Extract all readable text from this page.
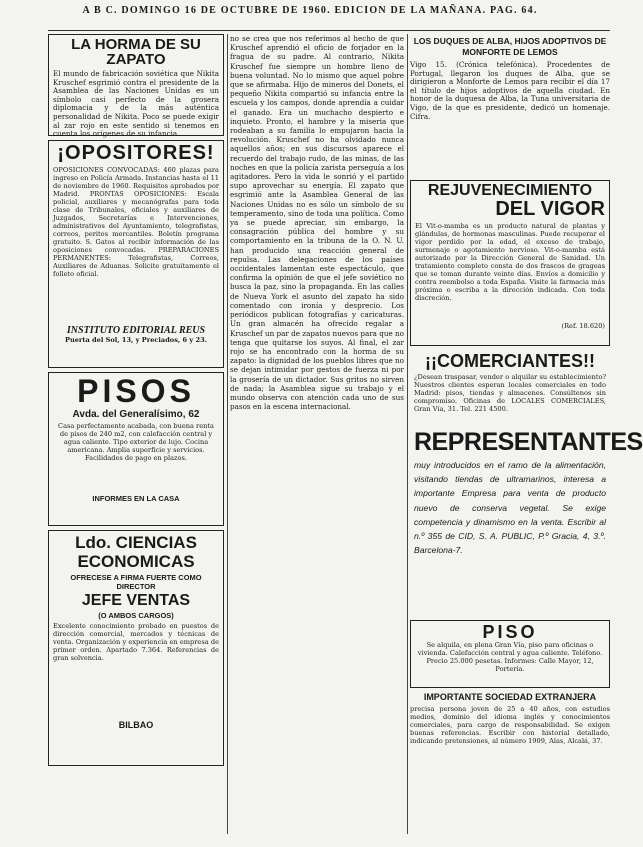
A B C. DOMINGO 16 DE OCTUBRE DE 1960. EDICION DE LA MAÑANA. PAG. 64.
LA HORMA DE SU ZAPATO

El mundo de fabricación soviética que Nikita Kruschef esgrimió contra el presidente de la Asamblea de las Naciones Unidas es un símbolo casi perfecto de la grosera diplomacia y de la más auténtica personalidad de Nikita. Poco se puede exigir al zar rojo en este sentido si tenemos en cuenta los orígenes de su infancia.

¡OPOSITORES!

OPOSICIONES CONVOCADAS: 460 plazas para ingreso en Policía Armada. Instancias hasta el 11 de noviembre de 1960. Requisitos aprobados por Madrid. PRONTAS OPOSICIONES: Escala policial, auxiliares y mecanógrafas para toda clase de Tribunales, oficiales y auxiliares de Juzgados, Secretarías e Intervenciones, administrativos del Ayuntamiento, telegrafistas, correos, peritos mercantiles. Boletín programa gratuito. S. Gatos al recibir información de las oposiciones convocadas. PREPARACIONES PERMANENTES: Telegrafistas, Correos, Auxiliares de Aduanas. Solicite gratuitamente el folleto oficial.

INSTITUTO EDITORIAL REUS

Puerta del Sol, 13, y Preciados, 6 y 23.

PISOS
Avda. del Generalísimo, 62

Casa perfectamente acabada, con buena renta de pisos de 240 m2, con calefacción central y agua caliente. Tipo exterior de lujo. Cocina americana. Amplia superficie y servicios. Facilidades de pago en plazos.

INFORMES EN LA CASA
Ldo. CIENCIAS ECONOMICAS
OFRECESE A FIRMA FUERTE COMO DIRECTOR
JEFE VENTAS
(O AMBOS CARGOS)

Excelente conocimiento probado en puestos de dirección comercial, mercados y técnicas de venta. Organización y experiencia en empresa de primer orden. Apartado 7.364. Referencias de gran solvencia.

BILBAO

no se crea que nos referimos al hecho de que Kruschef aprendió el oficio de forjador en la fragua de su padre. Al contrario, Nikita Kruschef fue siempre un hombre lleno de buena voluntad. No lo mismo que aquel pobre que se afirmaba. Hijo de mineros del Donets, el pequeño Nikita compartió su infancia entre la escuela y los campos, donde aprendía a cuidar el ganado. Era un muchacho despierto e inquieto. Pronto, el hambre y la miseria que rodeaban a su familia lo empujaron hacia la revolución. Kruschef no ha olvidado nunca aquellos años; en sus discursos aparece el recuerdo del trabajo rudo, de las minas, de las noches en que la policía zarista perseguía a los agitadores. Pero la vida le sonrió y el partido supo aprovechar su energía. El zapato que esgrimió ante la Asamblea General de las Naciones Unidas no es sólo un símbolo de su temperamento, sino de toda una política. Como ya se puede apreciar, sin embargo, la consagración pública del hombre y su comportamiento en la tribuna de la O. N. U. han producido una reacción general de repulsa. Las delegaciones de los países occidentales lamentan este espectáculo, que confirma la opinión de que el jefe soviético no busca la paz, sino la propaganda. En las calles de Nueva York el asunto del zapato ha sido comentado con ironía y desprecio. Los periódicos publican fotografías y caricaturas. Un gran almacén ha ofrecido regalar a Kruschef un par de zapatos nuevos para que no tenga que quitarse los suyos. Al final, el zar rojo se ha encontrado con la horma de su zapato: la dignidad de los pueblos libres que no se dejan intimidar por gestos de fuerza ni por la grosería de un dictador. Sus gritos no sirven de nada; la Asamblea sigue su trabajo y el mundo observa con atención cada uno de sus pasos en la escena internacional.

LOS DUQUES DE ALBA, HIJOS ADOPTIVOS DE MONFORTE DE LEMOS

Vigo 15. (Crónica telefónica). Procedentes de Portugal, llegaron los duques de Alba, que se dirigieron a Monforte de Lemos para recibir el día 17 el título de hijos adoptivos de aquella ciudad. En honor de la duquesa de Alba, la Tuna universitaria de Vigo, de la que es presidente, dedicó un homenaje. Cifra.

REJUVENECIMIENTO
DEL VIGOR

El Vit-o-mamba es un producto natural de plantas y glándulas, de hormonas masculinas. Puede recuperar el vigor perdido por la edad, el exceso de trabajo, surmenaje o agotamiento nervioso. Vit-o-mamba está autorizado por la Dirección General de Sanidad. Un tratamiento completo consta de dos frascos de grageas que se toman durante veinte días. Envíos a domicilio y contra reembolso a toda España. Visite la farmacia más próxima o escriba a la dirección indicada. Con toda discreción.

(Ref. 18.620)

¡¡COMERCIANTES!!

¿Desean traspasar, vender o alquilar su establecimiento? Nuestros clientes esperan locales comerciales en todo Madrid: pisos, tiendas y almacenes. Consúltenos sin compromiso. Oficinas de LOCALES COMERCIALES, Gran Vía, 31. Tel. 221 4500.

REPRESENTANTES

muy introducidos en el ramo de la alimentación, visitando tiendas de ultramarinos, interesa a importante Empresa para venta de producto nuevo de conserva vegetal. Se exige competencia y dinamismo en la venta. Escribir al n.º 355 de CID, S. A. PUBLIC, P.º Gracia, 4, 3.º. Barcelona-7.

PISO

Se alquila, en plena Gran Vía, piso para oficinas o vivienda. Calefacción central y agua caliente. Teléfono. Precio 25.000 pesetas. Informes: Calle Mayor, 12, Portería.

IMPORTANTE SOCIEDAD EXTRANJERA

precisa persona joven de 25 a 40 años, con estudios medios, dominio del idioma inglés y conocimientos comerciales, para cargo de responsabilidad. Se exigen buenas referencias. Escribir con historial detallado, indicando pretensiones, al número 1909, Alas, Alcalá, 37.
